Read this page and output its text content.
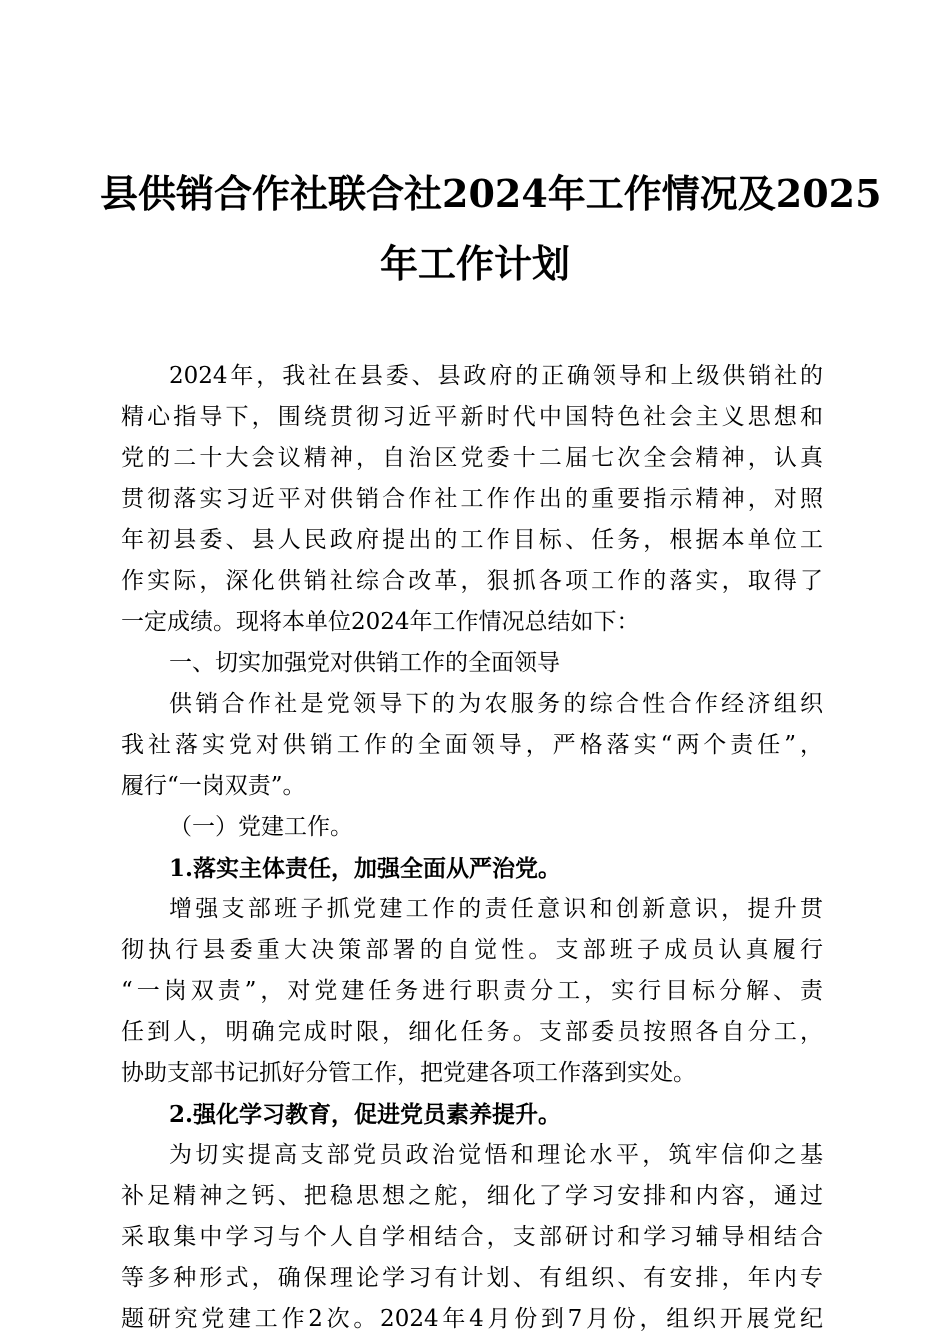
县供销合作社联合社2024年工作情况及2025
年工作计划
2024年，我社在县委、县政府的正确领导和上级供销社的
精心指导下，围绕贯彻习近平新时代中国特色社会主义思想和
党的二十大会议精神，自治区党委十二届七次全会精神，认真
贯彻落实习近平对供销合作社工作作出的重要指示精神，对照
年初县委、县人民政府提出的工作目标、任务，根据本单位工
作实际，深化供销社综合改革，狠抓各项工作的落实，取得了
一定成绩。现将本单位2024年工作情况总结如下：
一、切实加强党对供销工作的全面领导
供销合作社是党领导下的为农服务的综合性合作经济组织
我社落实党对供销工作的全面领导，严格落实“两个责任”，
履行“一岗双责”。
（一）党建工作。
1.落实主体责任，加强全面从严治党。
增强支部班子抓党建工作的责任意识和创新意识，提升贯
彻执行县委重大决策部署的自觉性。支部班子成员认真履行
“一岗双责”，对党建任务进行职责分工，实行目标分解、责
任到人，明确完成时限，细化任务。支部委员按照各自分工，
协助支部书记抓好分管工作，把党建各项工作落到实处。
2.强化学习教育，促进党员素养提升。
为切实提高支部党员政治觉悟和理论水平，筑牢信仰之基
补足精神之钙、把稳思想之舵，细化了学习安排和内容，通过
采取集中学习与个人自学相结合，支部研讨和学习辅导相结合
等多种形式，确保理论学习有计划、有组织、有安排，年内专
题研究党建工作2次。2024年4月份到7月份，组织开展党纪
